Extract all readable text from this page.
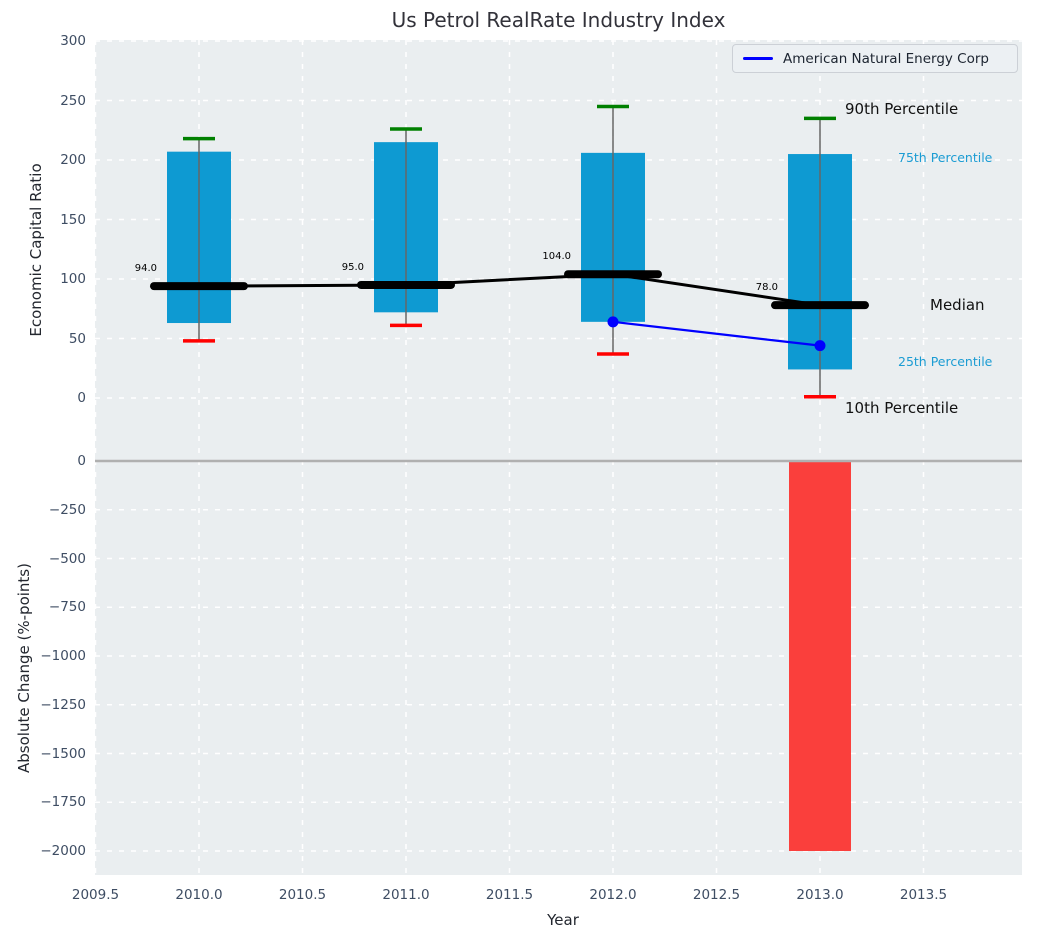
300
250
200
150
100
50
0
0
−250
−500
−750
−1000
−1250
−1500
−1750
−2000
2009.5	2010.0	2010.5	2011.0	2011.5	2012.0	2012.5	2013.0	2013.5
94.0	95.0
104.0
78.0
90th Percentile
75th Percentile
Median
25th Percentile
10th Percentile
Us Petrol RealRate Industry Index
Economic Capital Ratio
Absolute Change (%-points)
Year
American Natural Energy Corp
